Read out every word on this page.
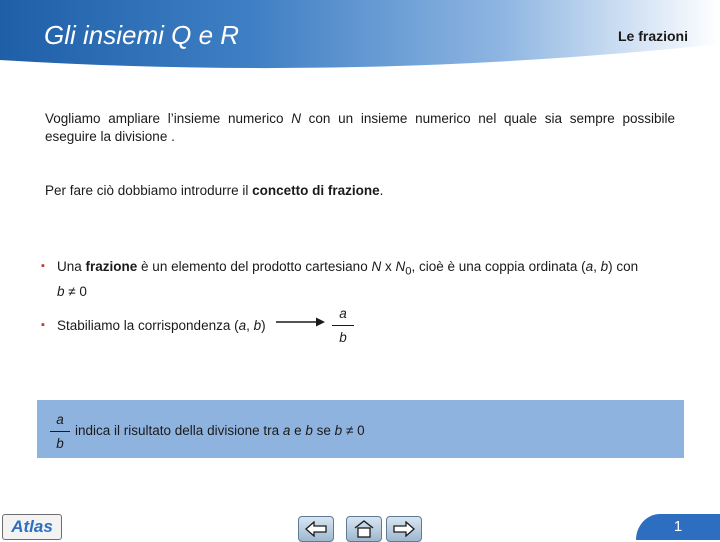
Gli insiemi Q e R	Le frazioni
Vogliamo ampliare l’insieme numerico N con un insieme numerico nel quale sia sempre possibile eseguire la divisione .
Per fare ciò dobbiamo introdurre il concetto di frazione.
▪ Una frazione è un elemento del prodotto cartesiano N x $N_0$, cioè è una coppia ordinata (a, b) con
b ≠ 0
▪ Stabiliamo la corrispondenza (a, b)
a
b
a
b
indica il risultato della divisione tra a e b se b ≠ 0
Atlas	1
